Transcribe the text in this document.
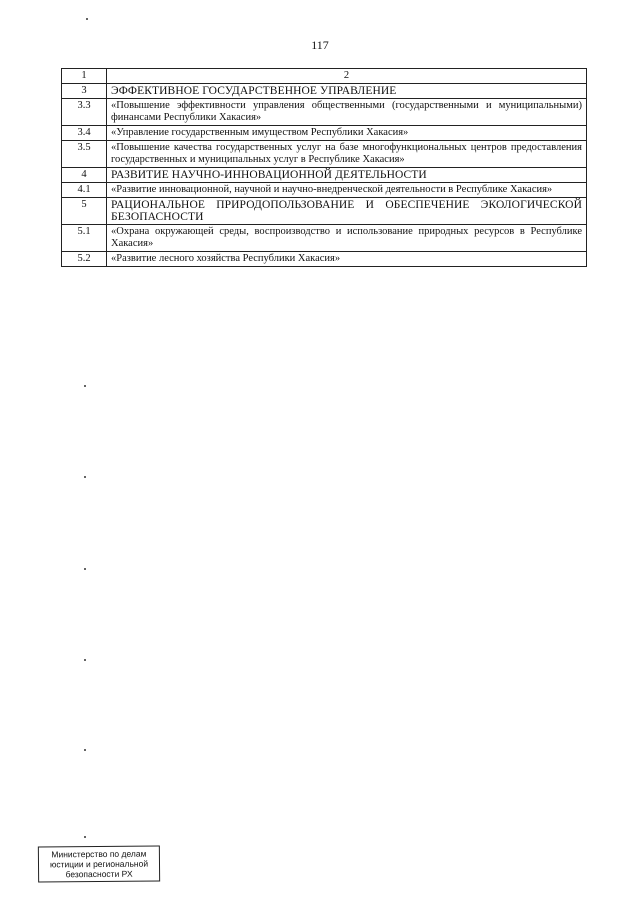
117
1	2
3	ЭФФЕКТИВНОЕ ГОСУДАРСТВЕННОЕ УПРАВЛЕНИЕ
3.3	«Повышение эффективности управления общественными (государственными и муниципальными) финансами Республики Хакасия»
3.4	«Управление государственным имуществом Республики Хакасия»
3.5	«Повышение качества государственных услуг на базе многофункциональных центров предоставления государственных и муниципальных услуг в Республике Хакасия»
4	РАЗВИТИЕ НАУЧНО-ИННОВАЦИОННОЙ ДЕЯТЕЛЬНОСТИ
4.1	«Развитие инновационной, научной и научно-внедренческой деятельности в Республике Хакасия»
5	РАЦИОНАЛЬНОЕ ПРИРОДОПОЛЬЗОВАНИЕ И ОБЕСПЕЧЕНИЕ ЭКОЛОГИЧЕСКОЙ БЕЗОПАСНОСТИ
5.1	«Охрана окружающей среды, воспроизводство и использование природных ресурсов в Республике Хакасия»
5.2	«Развитие лесного хозяйства Республики Хакасия»
Министерство по делам
юстиции и региональной
безопасности РХ
